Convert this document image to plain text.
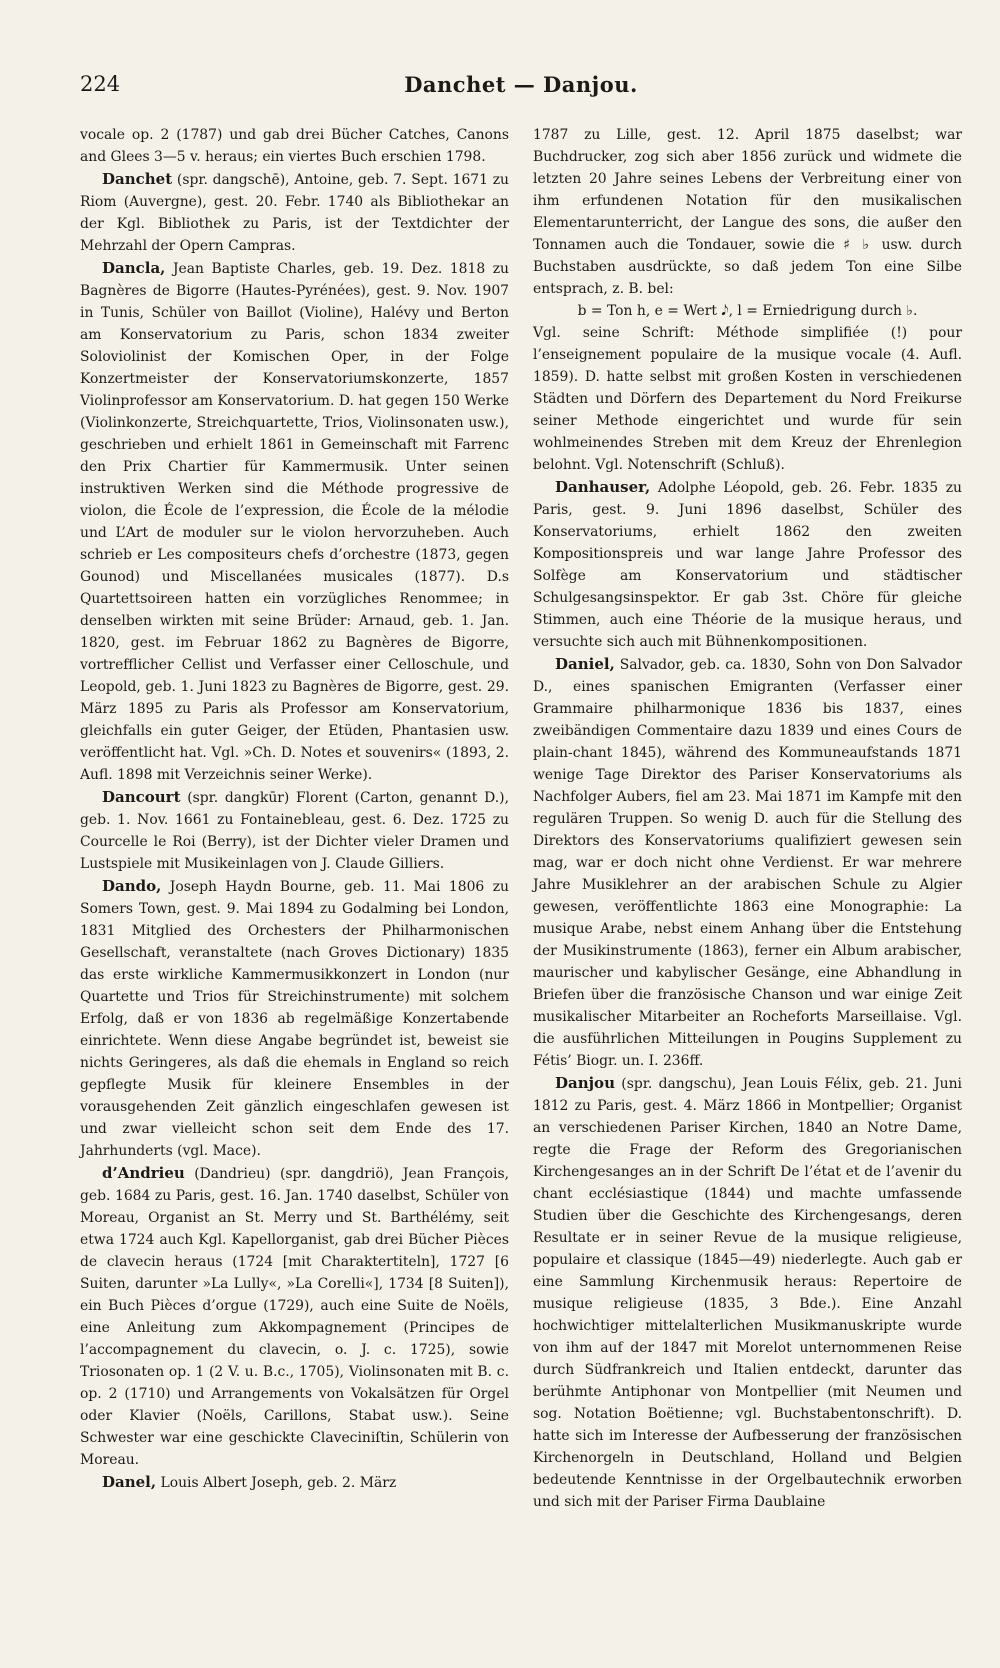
224	Danchet — Danjou.

vocale op. 2 (1787) und gab drei Bücher Catches, Canons and Glees 3—5 v. heraus; ein viertes Buch erschien 1798.

Danchet (spr. dangschē), Antoine, geb. 7. Sept. 1671 zu Riom (Auvergne), gest. 20. Febr. 1740 als Bibliothekar an der Kgl. Bibliothek zu Paris, ist der Textdichter der Mehrzahl der Opern Campras.

Dancla, Jean Baptiste Charles, geb. 19. Dez. 1818 zu Bagnères de Bigorre (Hautes-Pyrénées), gest. 9. Nov. 1907 in Tunis, Schüler von Baillot (Violine), Halévy und Berton am Konservatorium zu Paris, schon 1834 zweiter Soloviolinist der Komischen Oper, in der Folge Konzertmeister der Konservatoriumskonzerte, 1857 Violinprofessor am Konservatorium. D. hat gegen 150 Werke (Violinkonzerte, Streichquartette, Trios, Violinsonaten usw.), geschrieben und erhielt 1861 in Gemeinschaft mit Farrenc den Prix Chartier für Kammermusik. Unter seinen instruktiven Werken sind die Méthode progressive de violon, die École de l’expression, die École de la mélodie und L’Art de moduler sur le violon hervorzuheben. Auch schrieb er Les compositeurs chefs d’orchestre (1873, gegen Gounod) und Miscellanées musicales (1877). D.s Quartettsoireen hatten ein vorzügliches Renommee; in denselben wirkten mit seine Brüder: Arnaud, geb. 1. Jan. 1820, gest. im Februar 1862 zu Bagnères de Bigorre, vortrefflicher Cellist und Verfasser einer Celloschule, und Leopold, geb. 1. Juni 1823 zu Bagnères de Bigorre, gest. 29. März 1895 zu Paris als Professor am Konservatorium, gleichfalls ein guter Geiger, der Etüden, Phantasien usw. veröffentlicht hat. Vgl. »Ch. D. Notes et souvenirs« (1893, 2. Aufl. 1898 mit Verzeichnis seiner Werke).

Dancourt (spr. dangkūr) Florent (Carton, genannt D.), geb. 1. Nov. 1661 zu Fontainebleau, gest. 6. Dez. 1725 zu Courcelle le Roi (Berry), ist der Dichter vieler Dramen und Lustspiele mit Musikeinlagen von J. Claude Gilliers.

Dando, Joseph Haydn Bourne, geb. 11. Mai 1806 zu Somers Town, gest. 9. Mai 1894 zu Godalming bei London, 1831 Mitglied des Orchesters der Philharmonischen Gesellschaft, veranstaltete (nach Groves Dictionary) 1835 das erste wirkliche Kammermusikkonzert in London (nur Quartette und Trios für Streichinstrumente) mit solchem Erfolg, daß er von 1836 ab regelmäßige Konzertabende einrichtete. Wenn diese Angabe begründet ist, beweist sie nichts Geringeres, als daß die ehemals in England so reich gepflegte Musik für kleinere Ensembles in der vorausgehenden Zeit gänzlich eingeschlafen gewesen ist und zwar vielleicht schon seit dem Ende des 17. Jahrhunderts (vgl. Mace).

d’Andrieu (Dandrieu) (spr. dangdriö), Jean François, geb. 1684 zu Paris, gest. 16. Jan. 1740 daselbst, Schüler von Moreau, Organist an St. Merry und St. Barthélémy, seit etwa 1724 auch Kgl. Kapellorganist, gab drei Bücher Pièces de clavecin heraus (1724 [mit Charaktertiteln], 1727 [6 Suiten, darunter »La Lully«, »La Corelli«], 1734 [8 Suiten]), ein Buch Pièces d’orgue (1729), auch eine Suite de Noëls, eine Anleitung zum Akkompagnement (Principes de l’accompagnement du clavecin, o. J. c. 1725), sowie Triosonaten op. 1 (2 V. u. B.c., 1705), Violinsonaten mit B. c. op. 2 (1710) und Arrangements von Vokalsätzen für Orgel oder Klavier (Noëls, Carillons, Stabat usw.). Seine Schwester war eine geschickte Claveciniſtin, Schülerin von Moreau.

Danel, Louis Albert Joseph, geb. 2. März

1787 zu Lille, gest. 12. April 1875 daselbst; war Buchdrucker, zog sich aber 1856 zurück und widmete die letzten 20 Jahre seines Lebens der Verbreitung einer von ihm erfundenen Notation für den musikalischen Elementarunterricht, der Langue des sons, die außer den Tonnamen auch die Tondauer, sowie die ♯ ♭ usw. durch Buchstaben ausdrückte, so daß jedem Ton eine Silbe entsprach, z. B. bel:

b = Ton h, e = Wert 𝅘𝅥𝅮, l = Erniedrigung durch ♭.

Vgl. seine Schrift: Méthode simplifiée (!) pour l’enseignement populaire de la musique vocale (4. Aufl. 1859). D. hatte selbst mit großen Kosten in verschiedenen Städten und Dörfern des Departement du Nord Freikurse seiner Methode eingerichtet und wurde für sein wohlmeinendes Streben mit dem Kreuz der Ehrenlegion belohnt. Vgl. Notenschrift (Schluß).

Danhauser, Adolphe Léopold, geb. 26. Febr. 1835 zu Paris, gest. 9. Juni 1896 daselbst, Schüler des Konservatoriums, erhielt 1862 den zweiten Kompositionspreis und war lange Jahre Professor des Solfège am Konservatorium und städtischer Schulgesangsinspektor. Er gab 3st. Chöre für gleiche Stimmen, auch eine Théorie de la musique heraus, und versuchte sich auch mit Bühnenkompositionen.

Daniel, Salvador, geb. ca. 1830, Sohn von Don Salvador D., eines spanischen Emigranten (Verfasser einer Grammaire philharmonique 1836 bis 1837, eines zweibändigen Commentaire dazu 1839 und eines Cours de plain-chant 1845), während des Kommuneaufstands 1871 wenige Tage Direktor des Pariser Konservatoriums als Nachfolger Aubers, fiel am 23. Mai 1871 im Kampfe mit den regulären Truppen. So wenig D. auch für die Stellung des Direktors des Konservatoriums qualifiziert gewesen sein mag, war er doch nicht ohne Verdienst. Er war mehrere Jahre Musiklehrer an der arabischen Schule zu Algier gewesen, veröffentlichte 1863 eine Monographie: La musique Arabe, nebst einem Anhang über die Entstehung der Musikinstrumente (1863), ferner ein Album arabischer, maurischer und kabylischer Gesänge, eine Abhandlung in Briefen über die französische Chanson und war einige Zeit musikalischer Mitarbeiter an Rocheforts Marseillaise. Vgl. die ausführlichen Mitteilungen in Pougins Supplement zu Fétis’ Biogr. un. I. 236ff.

Danjou (spr. dangschu), Jean Louis Félix, geb. 21. Juni 1812 zu Paris, gest. 4. März 1866 in Montpellier; Organist an verschiedenen Pariser Kirchen, 1840 an Notre Dame, regte die Frage der Reform des Gregorianischen Kirchengesanges an in der Schrift De l’état et de l’avenir du chant ecclésiastique (1844) und machte umfassende Studien über die Geschichte des Kirchengesangs, deren Resultate er in seiner Revue de la musique religieuse, populaire et classique (1845—49) niederlegte. Auch gab er eine Sammlung Kirchenmusik heraus: Repertoire de musique religieuse (1835, 3 Bde.). Eine Anzahl hochwichtiger mittelalterlichen Musikmanuskripte wurde von ihm auf der 1847 mit Morelot unternommenen Reise durch Südfrankreich und Italien entdeckt, darunter das berühmte Antiphonar von Montpellier (mit Neumen und sog. Notation Boëtienne; vgl. Buchstabentonschrift). D. hatte sich im Interesse der Aufbesserung der französischen Kirchenorgeln in Deutschland, Holland und Belgien bedeutende Kenntnisse in der Orgelbautechnik erworben und sich mit der Pariser Firma Daublaine
